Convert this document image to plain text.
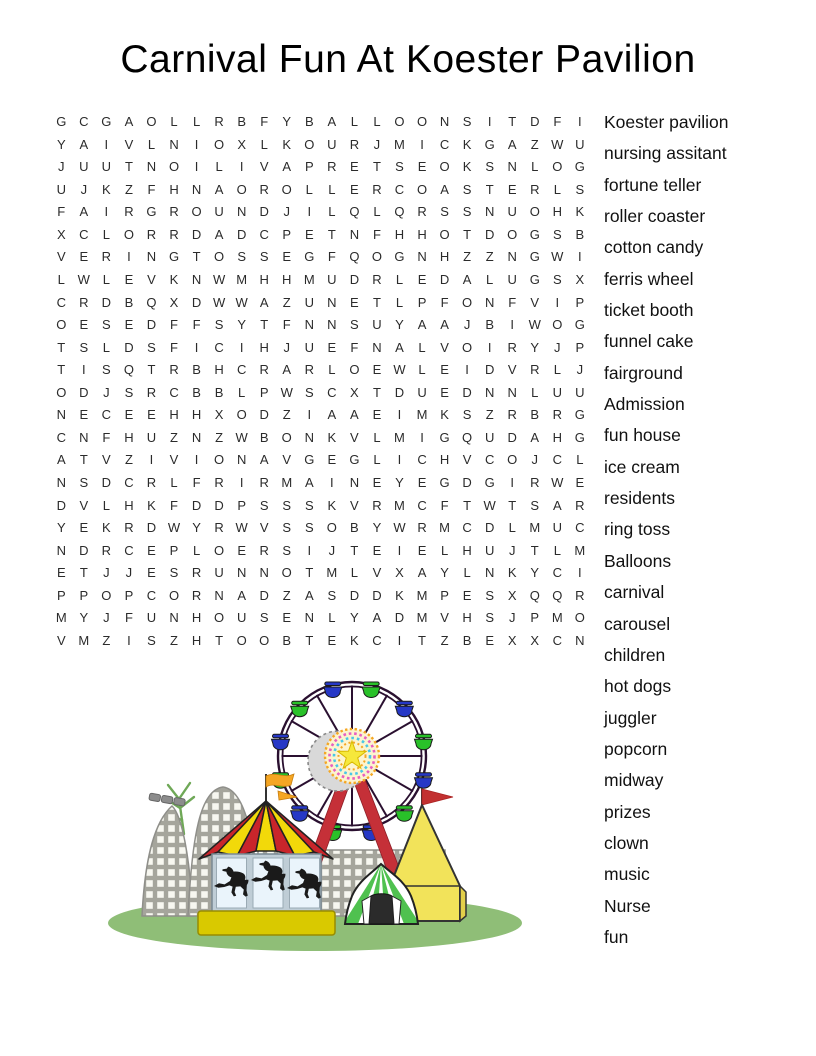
Carnival Fun At Koester Pavilion
G C G	A	O	L	L	R	B	F	Y	B	A	L	L	O O N	S	I	T	D	F	I
Y	A	I	V	L	N	I	O	X	L	K	O U	R	J	M	I	C	K	G	A	Z W U
J	U	U	T	N O	I	L	I	V	A	P	R	E	T	S	E	O	K	S	N	L	O G
U	J	K	Z	F	H	N	A	O R O	L	L	E	R	C O	A	S	T	E	R	L	S
F	A	I	R G R O U	N	D	J	I	L	Q	L	Q R	S	S	N	U O H	K
X	C	L	O R	R	D	A	D	C	P	E	T	N	F	H	H O	T	D O G	S	B
V	E	R	I	N G	T	O	S	S	E	G	F	Q O G N	H	Z	Z	N G W	I
L W L	E	V	K	N W M H	H M U	D	R	L	E	D	A	L	U G	S	X
C	R	D	B	Q	X	D W W A	Z	U	N	E	T	L	P	F	O N	F	V	I	P
O	E	S	E	D	F	F	S	Y	T	F	N	N	S	U	Y	A	A	J	B	I	W O G
T	S	L	D	S	F	I	C	I	H	J	U	E	F	N	A	L	V	O	I	R	Y	J	P
T	I	S	Q	T	R	B	H	C	R	A	R	L	O	E W L	E	I	D	V	R	L	J
O D	J	S	R	C	B	B	L	P W S	C	X	T	D	U	E	D	N	N	L	U	U
N	E	C	E	E	H	H	X	O D	Z	I	A	A	E	I	M K	S	Z	R	B	R G
C	N	F	H	U	Z	N	Z W B	O N	K	V	L	M	I	G Q U	D	A	H G
A	T	V	Z	I	V	I	O N	A	V	G	E	G	L	I	C	H	V	C O	J	C	L
N	S	D	C	R	L	F	R	I	R M A	I	N	E	Y	E	G D G	I	R W E
D	V	L	H	K	F	D	D	P	S	S	S	K	V	R M C	F	T W T	S	A	R
Y	E	K	R	D W Y	R W V	S	S	O	B	Y W R M C	D	L	M U	C
N	D	R	C	E	P	L	O	E	R	S	I	J	T	E	I	E	L	H	U	J	T	L	M
E	T	J	J	E	S	R	U	N	N O	T	M	L	V	X	A	Y	L	N	K	Y	C	I
P	P	O	P	C O R	N	A	D	Z	A	S	D	D	K M P	E	S	X	Q Q R
M Y	J	F	U	N	H O U	S	E	N	L	Y	A	D M V	H	S	J	P M O
V M	Z	I	S	Z	H	T	O O	B	T	E	K	C	I	T	Z	B	E	X	X	C	N
Koester pavilion
nursing assitant
fortune teller
roller coaster
cotton candy
ferris wheel
ticket booth
funnel cake
fairground
Admission
fun house
ice cream
residents
ring toss
Balloons
carnival
carousel
children
hot dogs
juggler
popcorn
midway
prizes
clown
music
Nurse
fun
